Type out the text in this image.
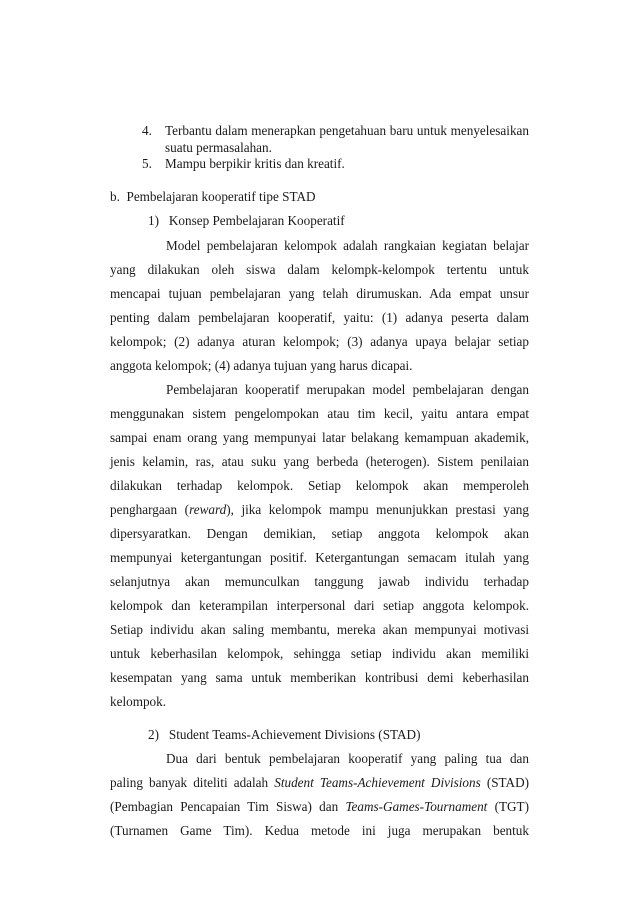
4. Terbantu dalam menerapkan pengetahuan baru untuk menyelesaikan
suatu permasalahan.
5. Mampu berpikir kritis dan kreatif.
b.  Pembelajaran kooperatif tipe STAD
1)   Konsep Pembelajaran Kooperatif
Model pembelajaran kelompok adalah rangkaian kegiatan belajar
yang dilakukan oleh siswa dalam kelompk-kelompok tertentu untuk
mencapai tujuan pembelajaran yang telah dirumuskan. Ada empat unsur
penting dalam pembelajaran kooperatif, yaitu: (1) adanya peserta dalam
kelompok; (2) adanya aturan kelompok; (3) adanya upaya belajar setiap
anggota kelompok; (4) adanya tujuan yang harus dicapai.
Pembelajaran kooperatif merupakan model pembelajaran dengan
menggunakan sistem pengelompokan atau tim kecil, yaitu antara empat
sampai enam orang yang mempunyai latar belakang kemampuan akademik,
jenis kelamin, ras, atau suku yang berbeda (heterogen). Sistem penilaian
dilakukan terhadap kelompok. Setiap kelompok akan memperoleh
penghargaan (reward), jika kelompok mampu menunjukkan prestasi yang
dipersyaratkan. Dengan demikian, setiap anggota kelompok akan
mempunyai ketergantungan positif. Ketergantungan semacam itulah yang
selanjutnya akan memunculkan tanggung jawab individu terhadap
kelompok dan keterampilan interpersonal dari setiap anggota kelompok.
Setiap individu akan saling membantu, mereka akan mempunyai motivasi
untuk keberhasilan kelompok, sehingga setiap individu akan memiliki
kesempatan yang sama untuk memberikan kontribusi demi keberhasilan
kelompok.
2)   Student Teams-Achievement Divisions (STAD)
Dua dari bentuk pembelajaran kooperatif yang paling tua dan
paling banyak diteliti adalah Student Teams-Achievement Divisions (STAD)
(Pembagian Pencapaian Tim Siswa) dan Teams-Games-Tournament (TGT)
(Turnamen Game Tim). Kedua metode ini juga merupakan bentuk
